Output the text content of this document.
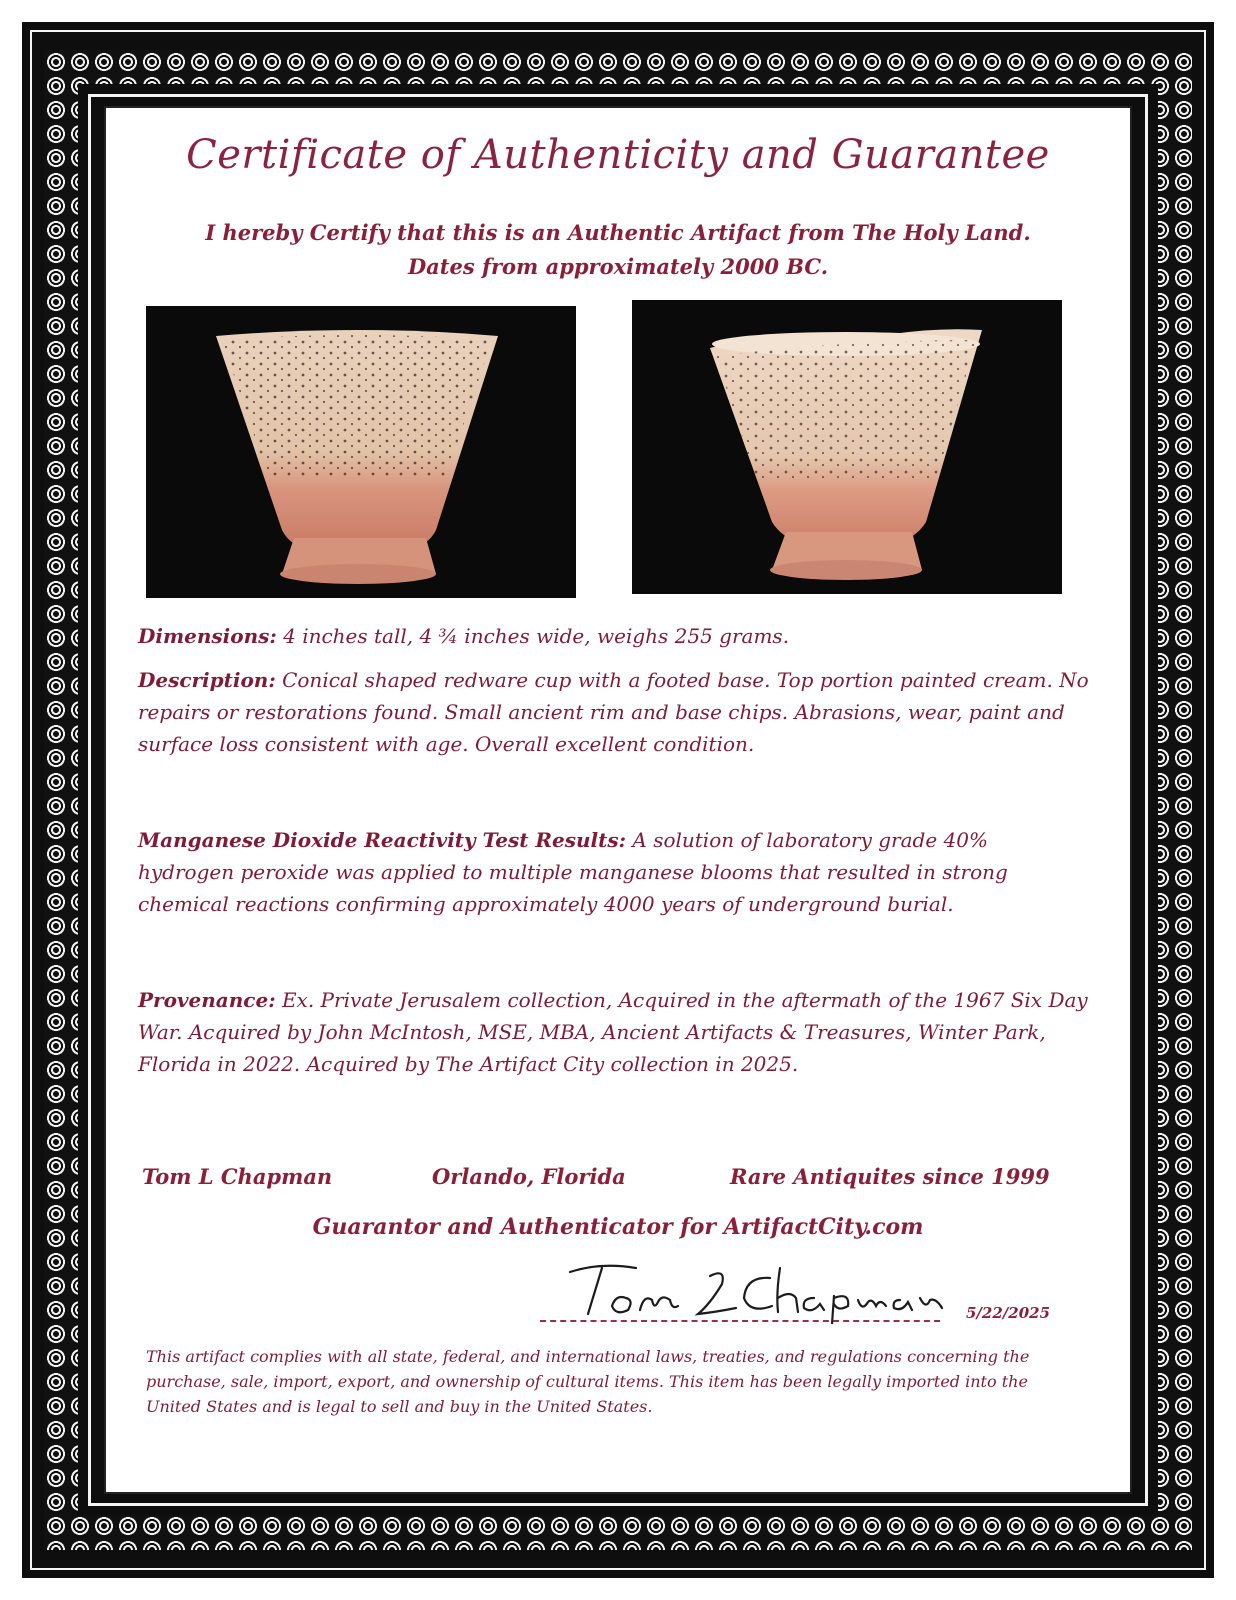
Certificate of Authenticity and Guarantee
I hereby Certify that this is an Authentic Artifact from The Holy Land.
Dates from approximately 2000 BC.
Dimensions: 4 inches tall, 4 ¾ inches wide, weighs 255 grams.
Description: Conical shaped redware cup with a footed base. Top portion painted cream. No repairs or restorations found. Small ancient rim and base chips. Abrasions, wear, paint and surface loss consistent with age. Overall excellent condition.
Manganese Dioxide Reactivity Test Results: A solution of laboratory grade 40% hydrogen peroxide was applied to multiple manganese blooms that resulted in strong chemical reactions confirming approximately 4000 years of underground burial.
Provenance: Ex. Private Jerusalem collection, Acquired in the aftermath of the 1967 Six Day War. Acquired by John McIntosh, MSE, MBA, Ancient Artifacts & Treasures, Winter Park, Florida in 2022. Acquired by The Artifact City collection in 2025.
Tom L Chapman	Orlando, Florida	Rare Antiquites since 1999
Guarantor and Authenticator for ArtifactCity.com
5/22/2025
This artifact complies with all state, federal, and international laws, treaties, and regulations concerning the purchase, sale, import, export, and ownership of cultural items. This item has been legally imported into the United States and is legal to sell and buy in the United States.
